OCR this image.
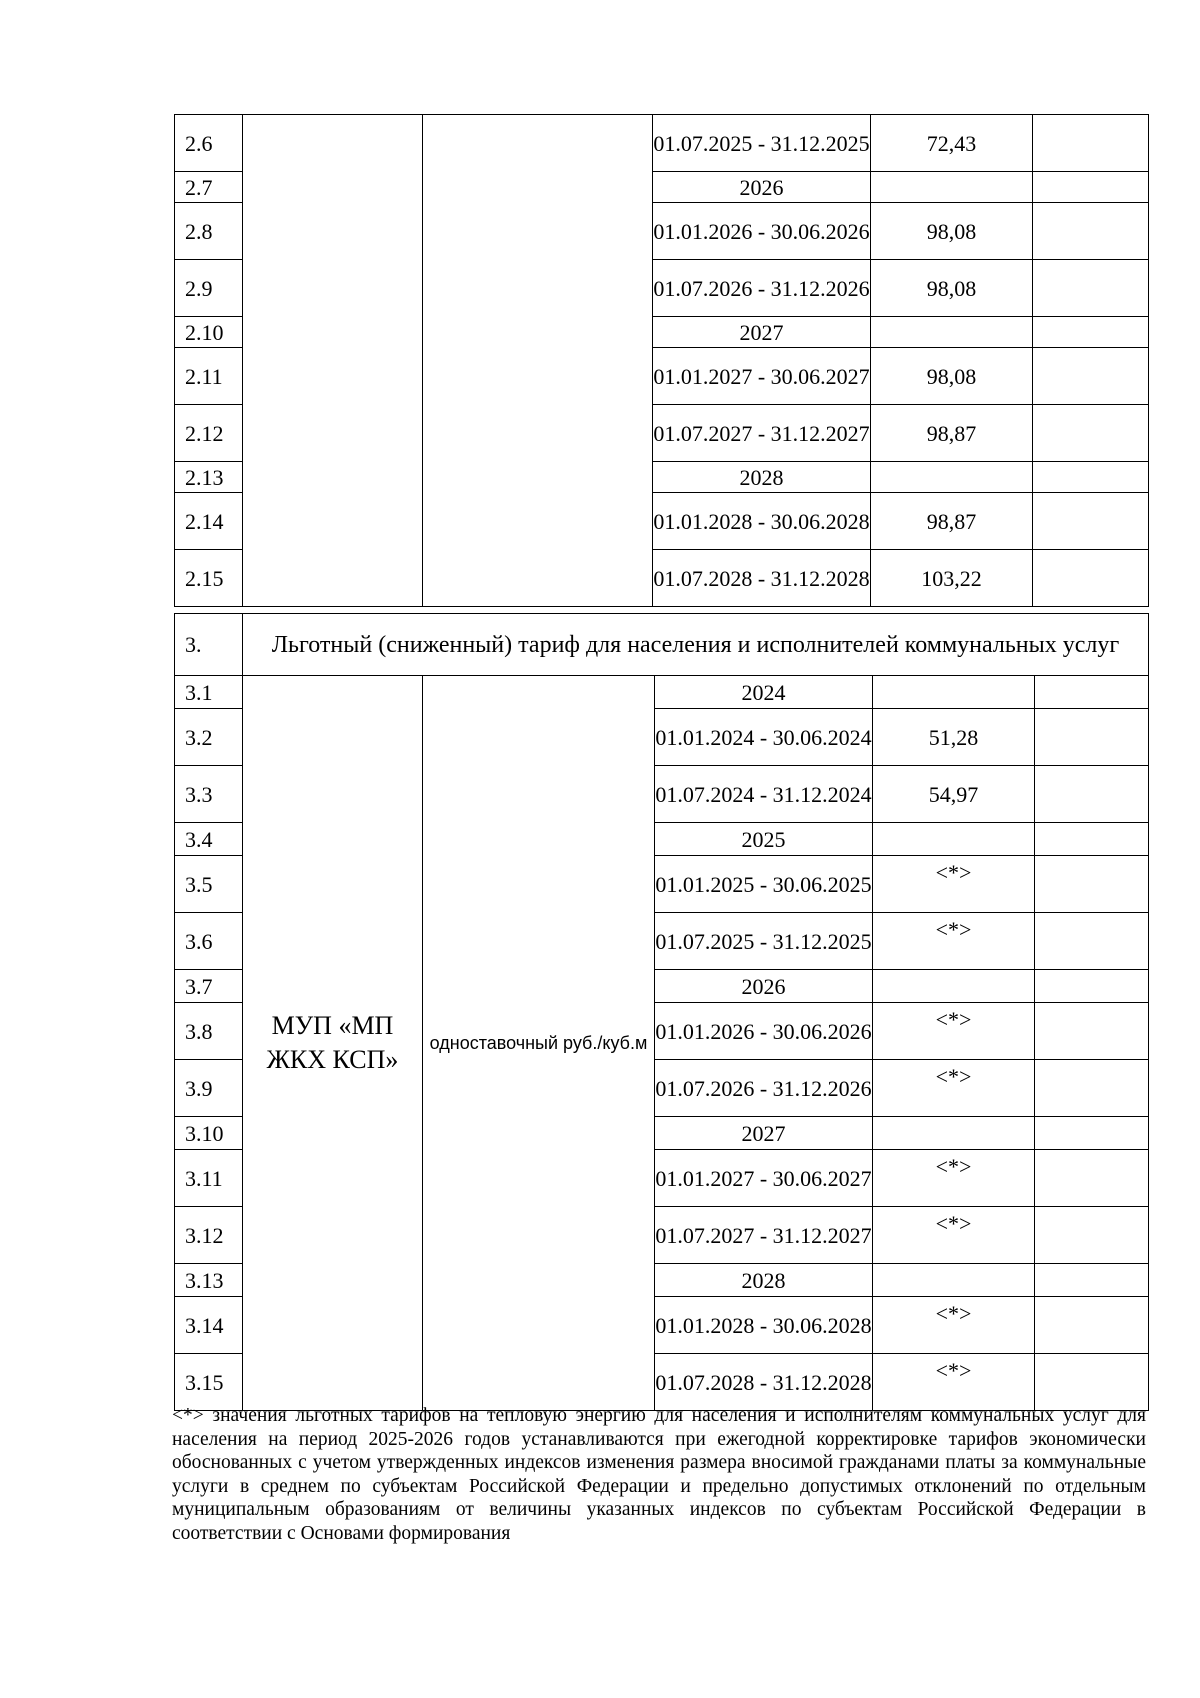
2.6			01.07.2025 - 31.12.2025	72,43	
2.7			2026		
2.8			01.01.2026 - 30.06.2026	98,08	
2.9			01.07.2026 - 31.12.2026	98,08	
2.10			2027		
2.11			01.01.2027 - 30.06.2027	98,08	
2.12			01.07.2027 - 31.12.2027	98,87	
2.13			2028		
2.14			01.01.2028 - 30.06.2028	98,87	
2.15			01.07.2028 - 31.12.2028	103,22	
3.	Льготный (сниженный) тариф для населения и исполнителей коммунальных услуг
3.1	МУП «МП ЖКХ КСП»	одноставочный руб./куб.м	2024		
3.2			01.01.2024 - 30.06.2024	51,28	
3.3			01.07.2024 - 31.12.2024	54,97	
3.4			2025		
3.5			01.01.2025 - 30.06.2025	<*>	
3.6			01.07.2025 - 31.12.2025	<*>	
3.7			2026		
3.8			01.01.2026 - 30.06.2026	<*>	
3.9			01.07.2026 - 31.12.2026	<*>	
3.10			2027		
3.11			01.01.2027 - 30.06.2027	<*>	
3.12			01.07.2027 - 31.12.2027	<*>	
3.13			2028		
3.14			01.01.2028 - 30.06.2028	<*>	
3.15			01.07.2028 - 31.12.2028	<*>	

<*> значения льготных тарифов на тепловую энергию для населения и исполнителям коммунальных услуг для населения на период 2025-2026 годов устанавливаются при ежегодной корректировке тарифов экономически обоснованных с учетом утвержденных индексов изменения размера вносимой гражданами платы за коммунальные услуги в среднем по субъектам Российской Федерации и предельно допустимых отклонений по отдельным муниципальным образованиям от величины указанных индексов по субъектам Российской Федерации в соответствии с Основами формирования
